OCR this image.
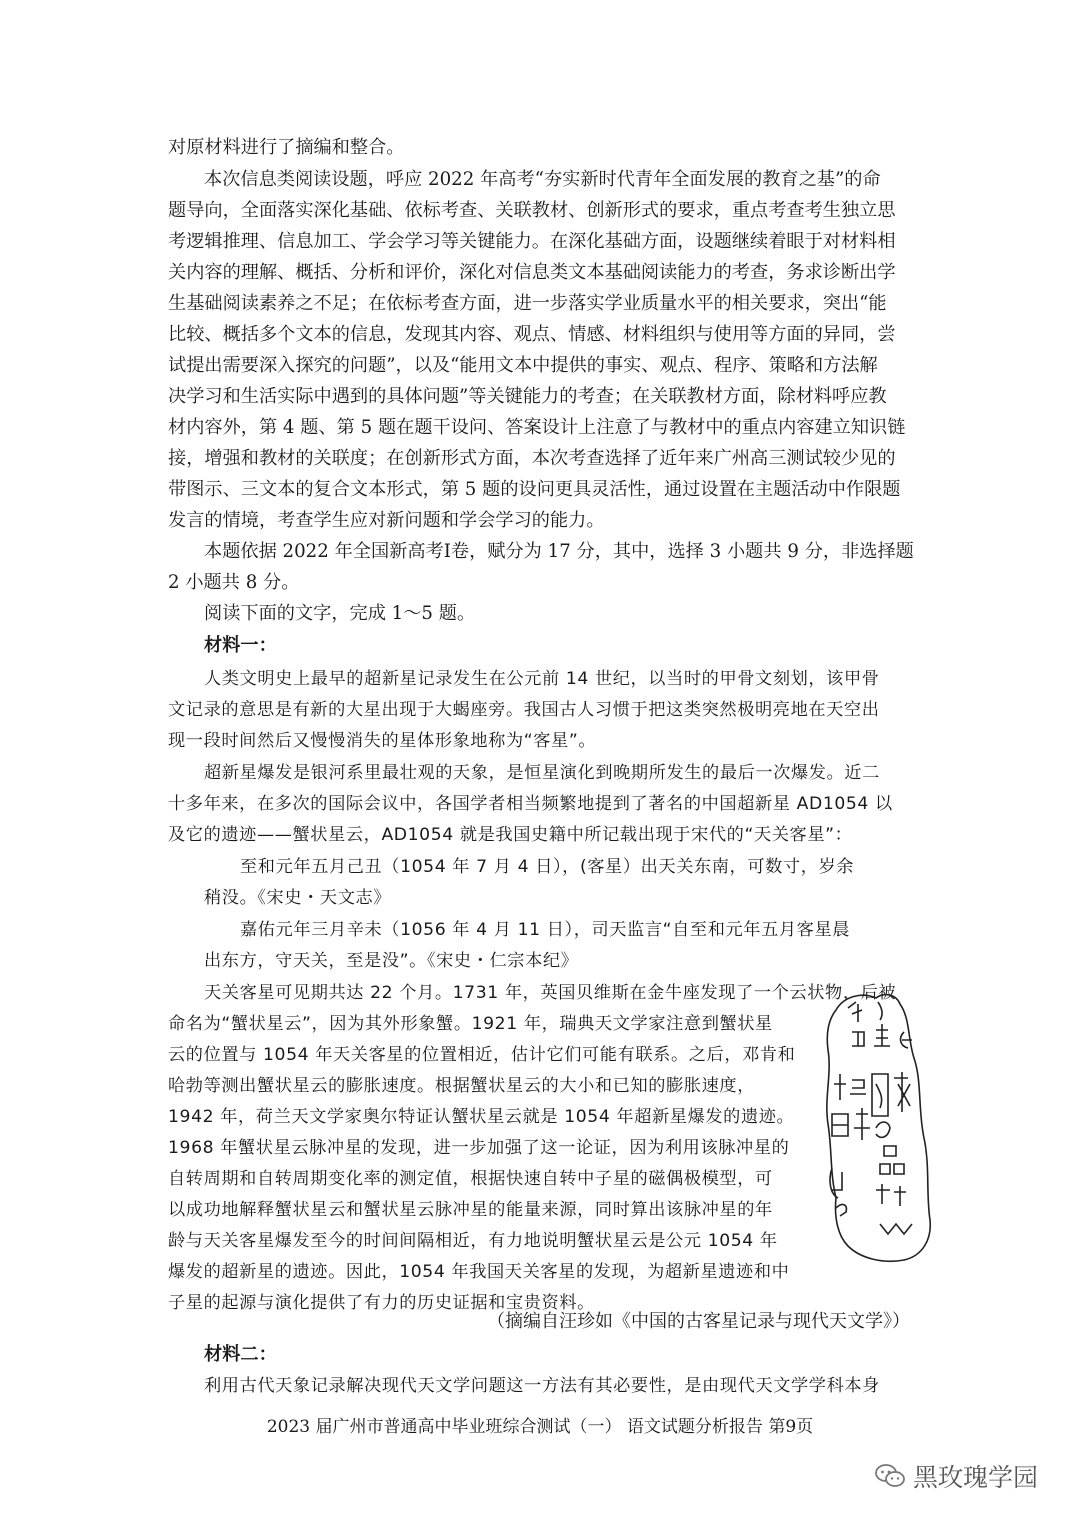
对原材料进行了摘编和整合。
本次信息类阅读设题，呼应 2022 年高考“夯实新时代青年全面发展的教育之基”的命
题导向，全面落实深化基础、依标考查、关联教材、创新形式的要求，重点考查考生独立思
考逻辑推理、信息加工、学会学习等关键能力。在深化基础方面，设题继续着眼于对材料相
关内容的理解、概括、分析和评价，深化对信息类文本基础阅读能力的考查，务求诊断出学
生基础阅读素养之不足；在依标考查方面，进一步落实学业质量水平的相关要求，突出“能
比较、概括多个文本的信息，发现其内容、观点、情感、材料组织与使用等方面的异同，尝
试提出需要深入探究的问题”，以及“能用文本中提供的事实、观点、程序、策略和方法解
决学习和生活实际中遇到的具体问题”等关键能力的考查；在关联教材方面，除材料呼应教
材内容外，第 4 题、第 5 题在题干设问、答案设计上注意了与教材中的重点内容建立知识链
接，增强和教材的关联度；在创新形式方面，本次考查选择了近年来广州高三测试较少见的
带图示、三文本的复合文本形式，第 5 题的设问更具灵活性，通过设置在主题活动中作限题
发言的情境，考查学生应对新问题和学会学习的能力。
本题依据 2022 年全国新高考Ⅰ卷，赋分为 17 分，其中，选择 3 小题共 9 分，非选择题
2 小题共 8 分。
阅读下面的文字，完成 1～5 题。
材料一：
人类文明史上最早的超新星记录发生在公元前 14 世纪，以当时的甲骨文刻划，该甲骨
文记录的意思是有新的大星出现于大蝎座旁。我国古人习惯于把这类突然极明亮地在天空出
现一段时间然后又慢慢消失的星体形象地称为“客星”。
超新星爆发是银河系里最壮观的天象，是恒星演化到晚期所发生的最后一次爆发。近二
十多年来，在多次的国际会议中，各国学者相当频繁地提到了著名的中国超新星 AD1054 以
及它的遗迹——蟹状星云，AD1054 就是我国史籍中所记载出现于宋代的“天关客星”：
至和元年五月己丑（1054 年 7 月 4 日），(客星）出天关东南，可数寸，岁余
稍没。《宋史・天文志》
嘉佑元年三月辛未（1056 年 4 月 11 日），司天监言“自至和元年五月客星晨
出东方，守天关，至是没”。《宋史・仁宗本纪》
天关客星可见期共达 22 个月。1731 年，英国贝维斯在金牛座发现了一个云状物，后被
命名为“蟹状星云”，因为其外形象蟹。1921 年，瑞典天文学家注意到蟹状星
云的位置与 1054 年天关客星的位置相近，估计它们可能有联系。之后，邓肯和
哈勃等测出蟹状星云的膨胀速度。根据蟹状星云的大小和已知的膨胀速度，
1942 年，荷兰天文学家奥尔特证认蟹状星云就是 1054 年超新星爆发的遗迹。
1968 年蟹状星云脉冲星的发现，进一步加强了这一论证，因为利用该脉冲星的
自转周期和自转周期变化率的测定值，根据快速自转中子星的磁偶极模型，可
以成功地解释蟹状星云和蟹状星云脉冲星的能量来源，同时算出该脉冲星的年
龄与天关客星爆发至今的时间间隔相近，有力地说明蟹状星云是公元 1054 年
爆发的超新星的遗迹。因此，1054 年我国天关客星的发现，为超新星遗迹和中
子星的起源与演化提供了有力的历史证据和宝贵资料。
（摘编自汪珍如《中国的古客星记录与现代天文学》）
材料二：
利用古代天象记录解决现代天文学问题这一方法有其必要性，是由现代天文学学科本身
2023 届广州市普通高中毕业班综合测试（一） 语文试题分析报告 第9页
黑玫瑰学园
